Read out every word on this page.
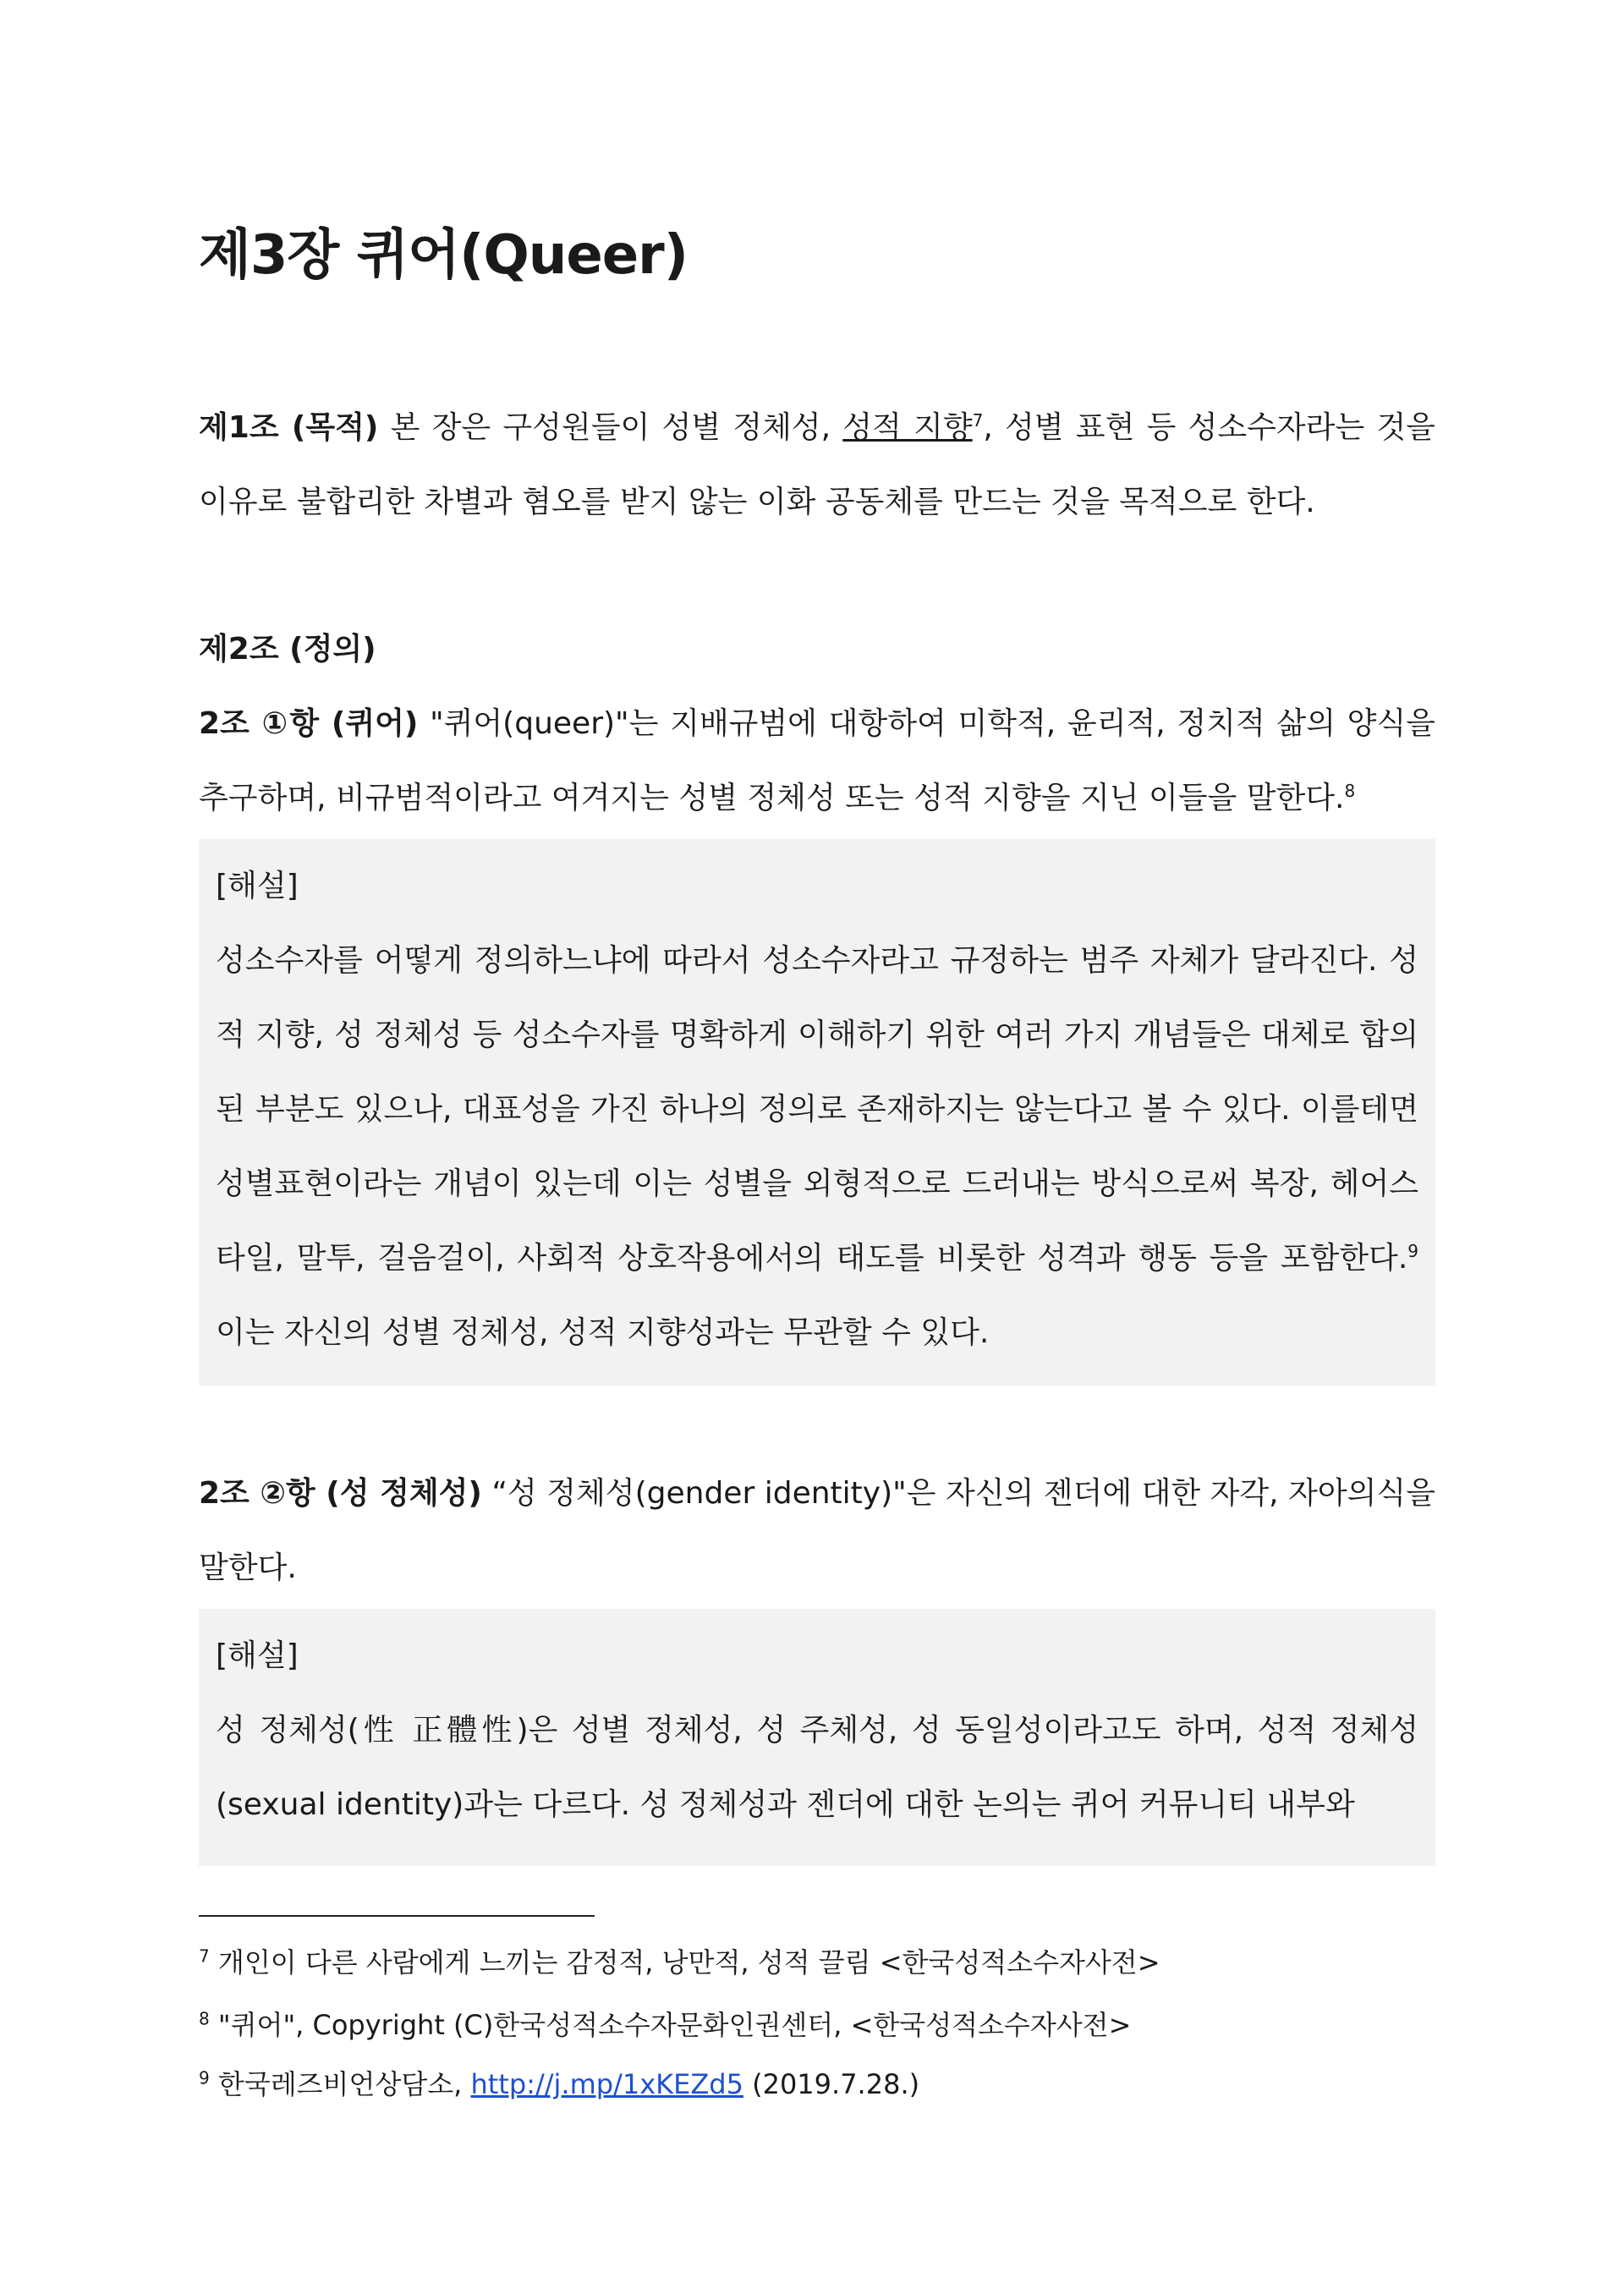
제3장 퀴어(Queer)

제1조 (목적) 본 장은 구성원들이 성별 정체성, 성적 지향$^7$, 성별 표현 등 성소수자라는 것을 이유로 불합리한 차별과 혐오를 받지 않는 이화 공동체를 만드는 것을 목적으로 한다.

제2조 (정의)

2조 ①항 (퀴어) "퀴어(queer)"는 지배규범에 대항하여 미학적, 윤리적, 정치적 삶의 양식을 추구하며, 비규범적이라고 여겨지는 성별 정체성 또는 성적 지향을 지닌 이들을 말한다.$^8$

[해설]

성소수자를 어떻게 정의하느냐에 따라서 성소수자라고 규정하는 범주 자체가 달라진다. 성적 지향, 성 정체성 등 성소수자를 명확하게 이해하기 위한 여러 가지 개념들은 대체로 합의된 부분도 있으나, 대표성을 가진 하나의 정의로 존재하지는 않는다고 볼 수 있다. 이를테면 성별표현이라는 개념이 있는데 이는 성별을 외형적으로 드러내는 방식으로써 복장, 헤어스타일, 말투, 걸음걸이, 사회적 상호작용에서의 태도를 비롯한 성격과 행동 등을 포함한다.$^9$ 이는 자신의 성별 정체성, 성적 지향성과는 무관할 수 있다.

2조 ②항 (성 정체성) “성 정체성(gender identity)"은 자신의 젠더에 대한 자각, 자아의식을 말한다.

[해설]

성 정체성(性 正體性)은 성별 정체성, 성 주체성, 성 동일성이라고도 하며, 성적 정체성(sexual identity)과는 다르다. 성 정체성과 젠더에 대한 논의는 퀴어 커뮤니티 내부와

$^7$ 개인이 다른 사람에게 느끼는 감정적, 낭만적, 성적 끌림 <한국성적소수자사전>

$^8$ "퀴어", Copyright (C)한국성적소수자문화인권센터, <한국성적소수자사전>

$^9$ 한국레즈비언상담소, http://j.mp/1xKEZd5 (2019.7.28.)
